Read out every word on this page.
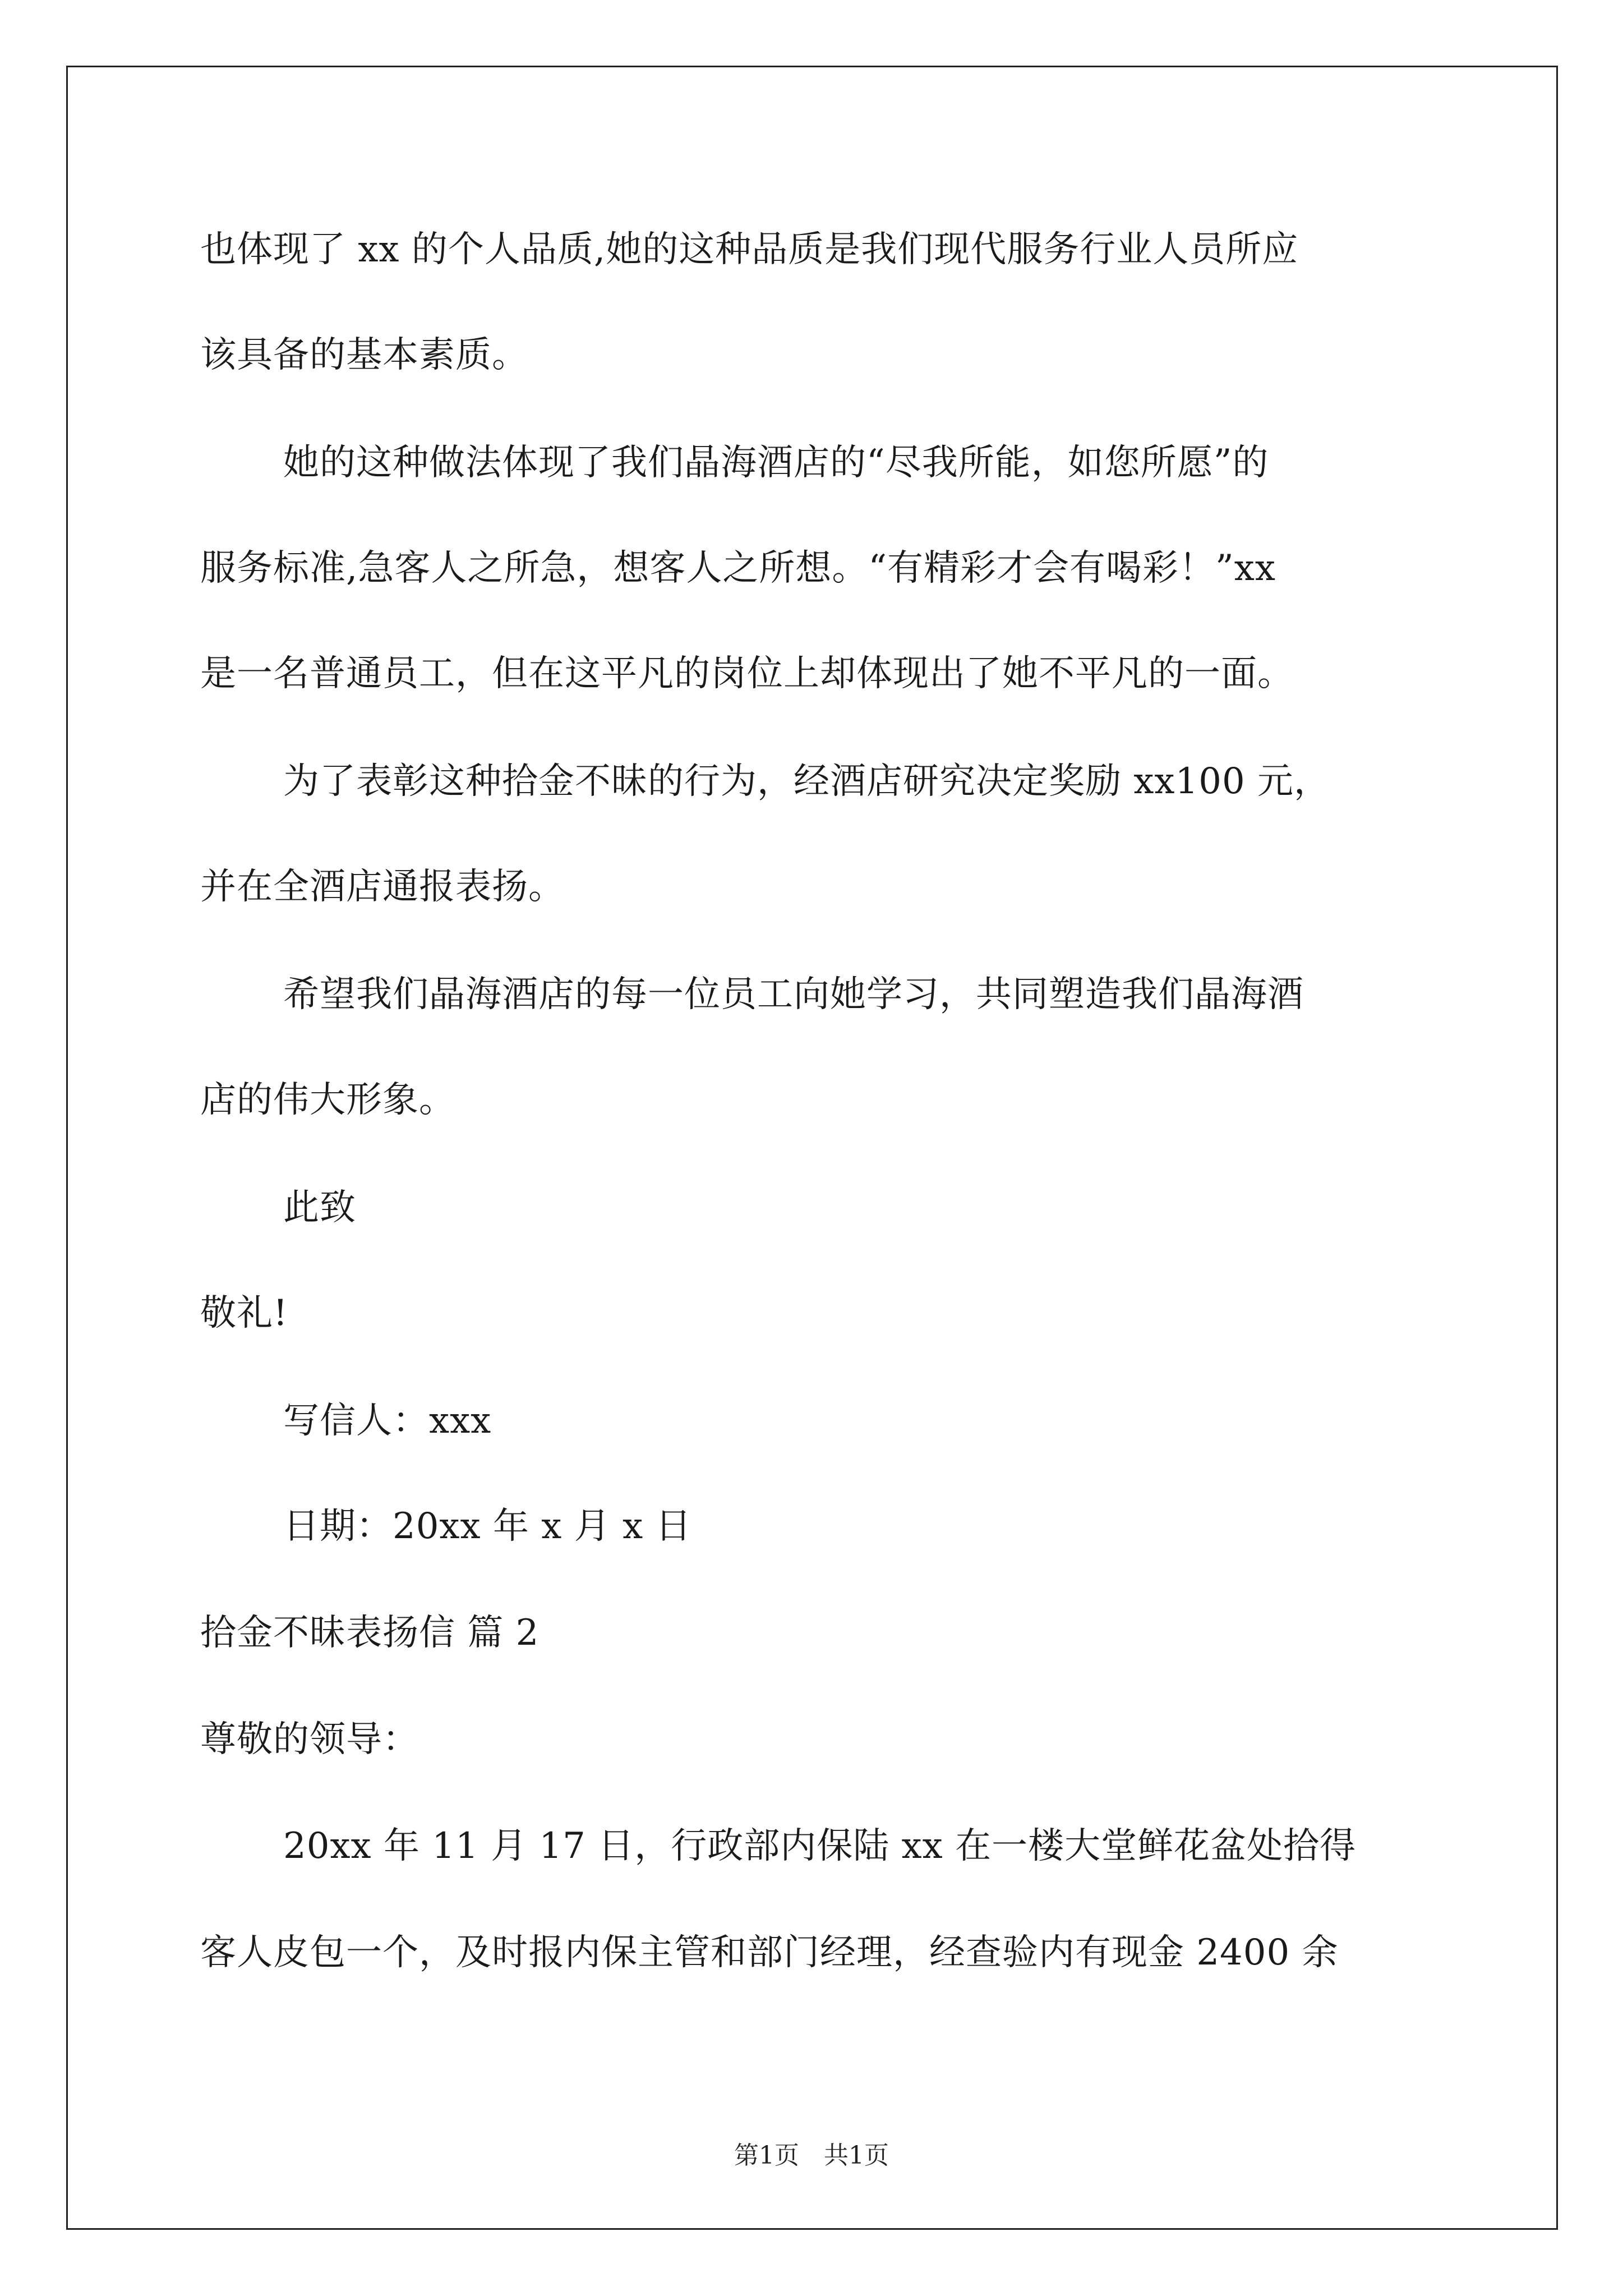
也体现了 xx 的个人品质,她的这种品质是我们现代服务行业人员所应
该具备的基本素质。
她的这种做法体现了我们晶海酒店的“尽我所能，如您所愿”的
服务标准,急客人之所急，想客人之所想。“有精彩才会有喝彩！”xx
是一名普通员工，但在这平凡的岗位上却体现出了她不平凡的一面。
为了表彰这种拾金不昧的行为，经酒店研究决定奖励 xx100 元，
并在全酒店通报表扬。
希望我们晶海酒店的每一位员工向她学习，共同塑造我们晶海酒
店的伟大形象。
此致
敬礼!
写信人：xxx
日期：20xx 年 x 月 x 日
拾金不昧表扬信 篇 2
尊敬的领导：
20xx 年 11 月 17 日，行政部内保陆 xx 在一楼大堂鲜花盆处拾得
客人皮包一个，及时报内保主管和部门经理，经查验内有现金 2400 余
第1页　共1页
